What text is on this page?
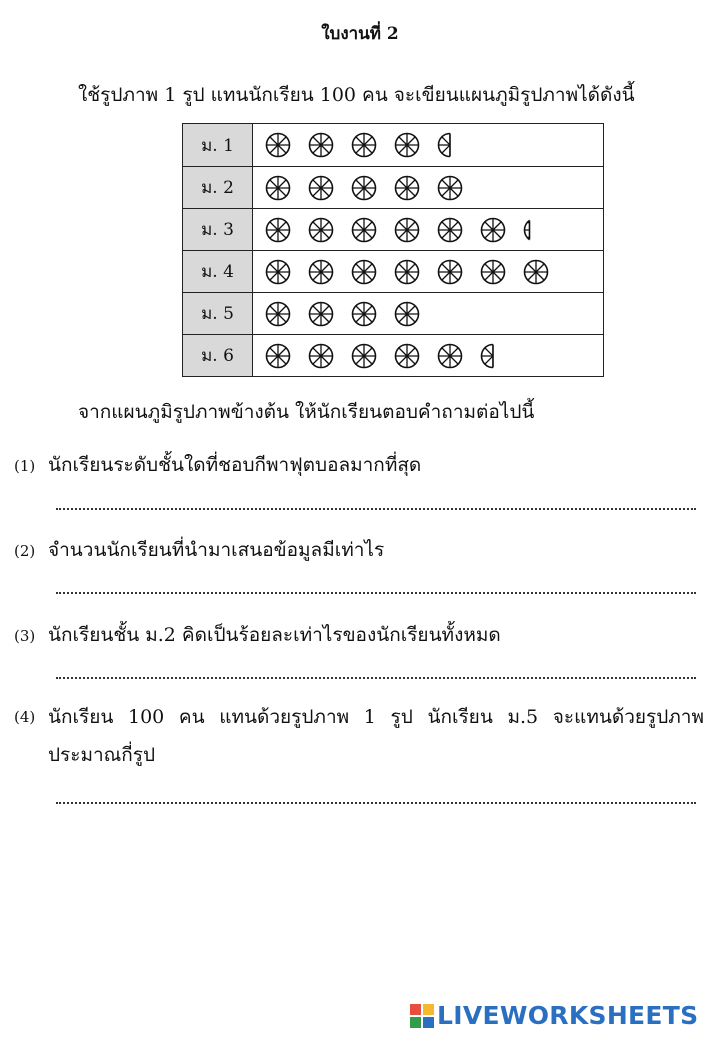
ใบงานที่ 2
ใช้รูปภาพ 1 รูป แทนนักเรียน 100 คน จะเขียนแผนภูมิรูปภาพได้ดังนี้
ม. 1
ม. 2
ม. 3
ม. 4
ม. 5
ม. 6
จากแผนภูมิรูปภาพข้างต้น ให้นักเรียนตอบคำถามต่อไปนี้
(1) นักเรียนระดับชั้นใดที่ชอบกีพาฟุตบอลมากที่สุด
(2) จำนวนนักเรียนที่นำมาเสนอข้อมูลมีเท่าไร
(3) นักเรียนชั้น ม.2 คิดเป็นร้อยละเท่าไรของนักเรียนทั้งหมด
(4) นักเรียน 100 คน แทนด้วยรูปภาพ 1 รูป นักเรียน ม.5 จะแทนด้วยรูปภาพประมาณกี่รูป
LIVEWORKSHEETS
